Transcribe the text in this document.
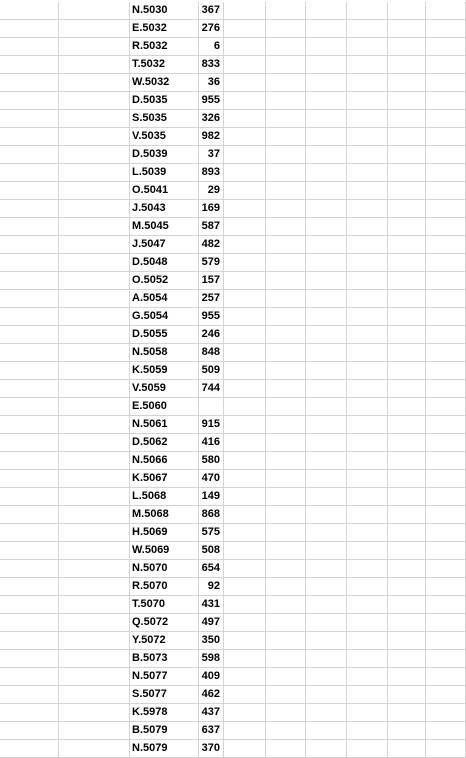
N.5030	367
E.5032	276
R.5032	6
T.5032	833
W.5032	36
D.5035	955
S.5035	326
V.5035	982
D.5039	37
L.5039	893
O.5041	29
J.5043	169
M.5045	587
J.5047	482
D.5048	579
O.5052	157
A.5054	257
G.5054	955
D.5055	246
N.5058	848
K.5059	509
V.5059	744
E.5060
N.5061	915
D.5062	416
N.5066	580
K.5067	470
L.5068	149
M.5068	868
H.5069	575
W.5069	508
N.5070	654
R.5070	92
T.5070	431
Q.5072	497
Y.5072	350
B.5073	598
N.5077	409
S.5077	462
K.5978	437
B.5079	637
N.5079	370
